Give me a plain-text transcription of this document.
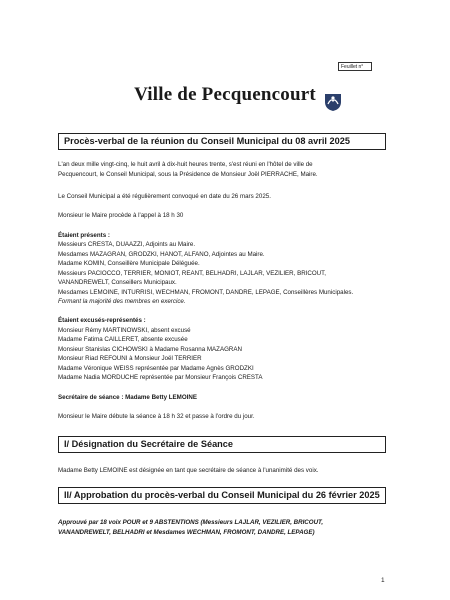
Feuillet n°
Ville de Pecquencourt
Procès-verbal de la réunion du Conseil Municipal du 08 avril 2025
L'an deux mille vingt-cinq, le huit avril à dix-huit heures trente, s'est réuni en l'hôtel de ville de
Pecquencourt, le Conseil Municipal, sous la Présidence de Monsieur Joël PIERRACHE, Maire.
Le Conseil Municipal a été régulièrement convoqué en date du 26 mars 2025.
Monsieur le Maire procède à l'appel à 18 h 30
Étaient présents :
Messieurs CRESTA, DUAAZZI, Adjoints au Maire.
Mesdames MAZAGRAN, GRODZKI, HANOT, ALFANO, Adjointes au Maire.
Madame KOMIN, Conseillère Municipale Déléguée.
Messieurs PACIOCCO, TERRIER, MONIOT, REANT, BELHADRI, LAJLAR, VEZILIER, BRICOUT,
VANANDREWELT, Conseillers Municipaux.
Mesdames LEMOINE, INTURRISI, WECHMAN, FROMONT, DANDRE, LEPAGE, Conseillères Municipales.
Formant la majorité des membres en exercice.
Étaient excusés-représentés :
Monsieur Rémy MARTINOWSKI, absent excusé
Madame Fatima CAILLERET, absente excusée
Monsieur Stanislas CICHOWSKI à Madame Rosanna MAZAGRAN
Monsieur Riad REFOUNI à Monsieur Joël TERRIER
Madame Véronique WEISS représentée par Madame Agnès GRODZKI
Madame Nadia MORDUCHE représentée par Monsieur François CRESTA
Secrétaire de séance : Madame Betty LEMOINE
Monsieur le Maire débute la séance à 18 h 32 et passe à l'ordre du jour.
I/ Désignation du Secrétaire de Séance
Madame Betty LEMOINE est désignée en tant que secrétaire de séance à l'unanimité des voix.
II/ Approbation du procès-verbal du Conseil Municipal du 26 février 2025
Approuvé par 18 voix POUR et 9 ABSTENTIONS (Messieurs LAJLAR, VEZILIER, BRICOUT,
VANANDREWELT, BELHADRI et Mesdames WECHMAN, FROMONT, DANDRE, LEPAGE)
1
